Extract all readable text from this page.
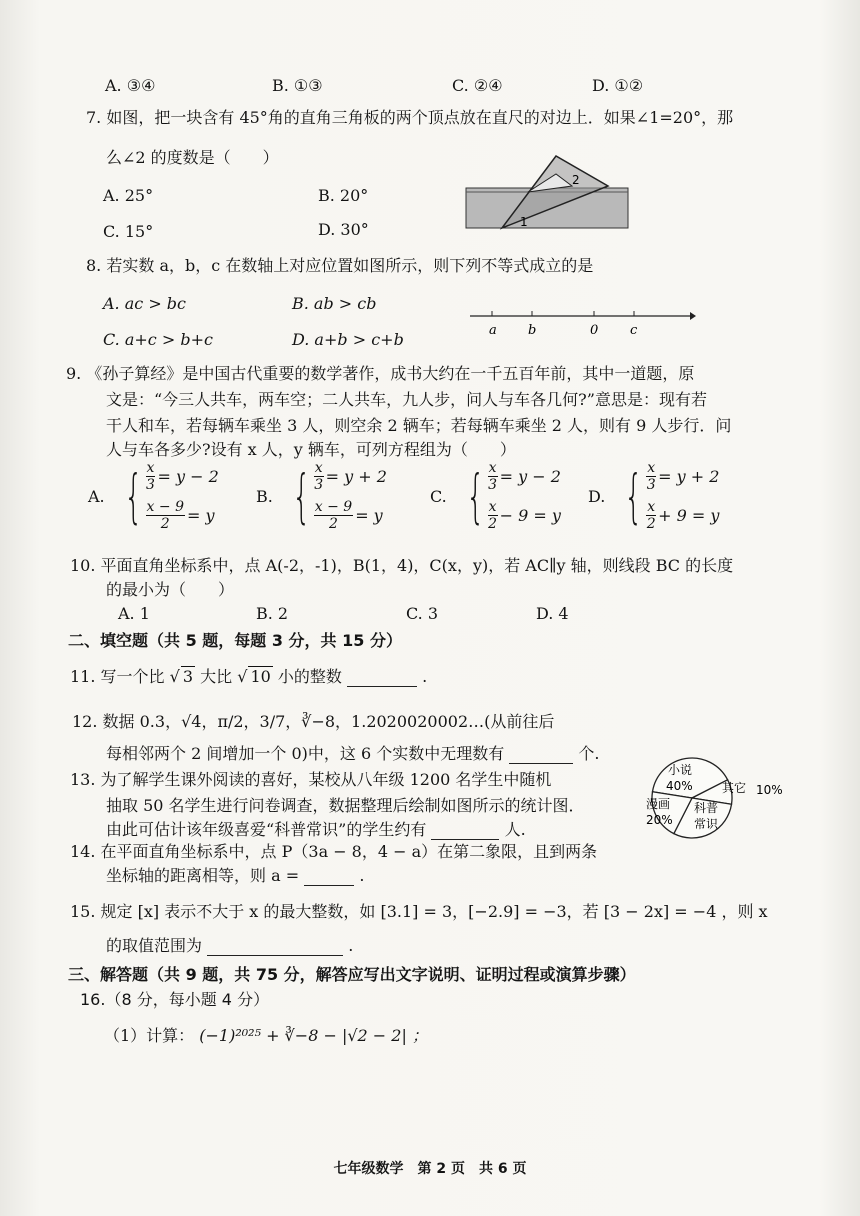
A. ③④	B. ①③	C. ②④	D. ①②
7. 如图，把一块含有 45°角的直角三角板的两个顶点放在直尺的对边上．如果∠1=20°，那
么∠2 的度数是（　　）
A. 25°	B. 20°
C. 15°	D. 30°
2
1
8. 若实数 a，b，c 在数轴上对应位置如图所示，则下列不等式成立的是
A. ac > bc	B. ab > cb
C. a+c > b+c	D. a+b > c+b	a b	0 c
9. 《孙子算经》是中国古代重要的数学著作，成书大约在一千五百年前，其中一道题，原
文是：“今三人共车，两车空；二人共车，九人步，问人与车各几何?”意思是：现有若
干人和车，若每辆车乘坐 3 人，则空余 2 辆车；若每辆车乘坐 2 人，则有 9 人步行．问
人与车各多少?设有 x 人，y 辆车，可列方程组为（　　）
A. { $\frac{x}{3} = y - 2$
$\frac{x - 9}{2} = y$
B. { $\frac{x}{3} = y + 2$
$\frac{x - 9}{2} = y$
C. { $\frac{x}{3} = y - 2$
$\frac{x}{2} - 9 = y$
D. { $\frac{x}{3} = y + 2$
$\frac{x}{2} + 9 = y$
10. 平面直角坐标系中，点 A(-2，-1)，B(1，4)，C(x，y)，若 AC∥y 轴，则线段 BC 的长度
的最小为（　　）
A. 1	B. 2	C. 3	D. 4
二、填空题（共 5 题，每题 3 分，共 15 分）
11. 写一个比 √ 3 大比 √ 10 小的整数	.
12. 数据 0.3，√4，π/2，3/7，∛−8，1.2020020002…(从前往后
每相邻两个 2 间增加一个 0)中，这 6 个实数中无理数有	个.
13. 为了解学生课外阅读的喜好，某校从八年级 1200 名学生中随机
抽取 50 名学生进行问卷调查，数据整理后绘制如图所示的统计图．
由此可估计该年级喜爱“科普常识”的学生约有	人.
小说
40% 其它 10%
科普
常识
漫画
20%
14. 在平面直角坐标系中，点 P（3a − 8，4 − a）在第二象限，且到两条
坐标轴的距离相等，则 a =	.
15. 规定 [x] 表示不大于 x 的最大整数，如 [3.1] = 3，[−2.9] = −3，若 [3 − 2x] = −4 ，则 x
的取值范围为	.
三、解答题（共 9 题，共 75 分，解答应写出文字说明、证明过程或演算步骤）
16.（8 分，每小题 4 分）
（1）计算： (−1)²⁰²⁵ + ∛−8 − |√2 − 2| ；
七年级数学　第 2 页　共 6 页
